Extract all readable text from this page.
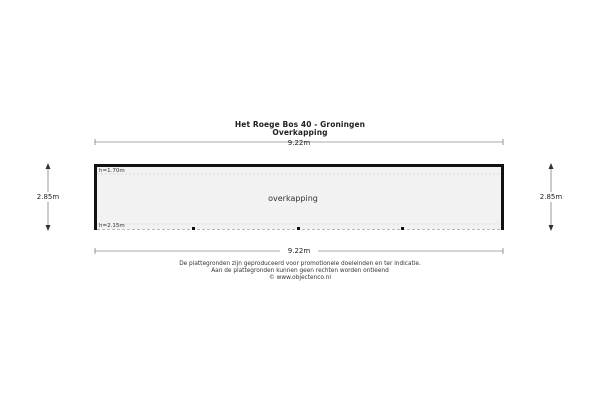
Het Roege Bos 40 - Groningen
Overkapping
9.22m
2.85m	2.85m
h=1.70m
h=2.15m
overkapping
9.22m
De plattegronden zijn geproduceerd voor promotionele doeleinden en ter indicatie.
Aan de plattegronden kunnen geen rechten worden ontleend
© www.objectenco.nl
